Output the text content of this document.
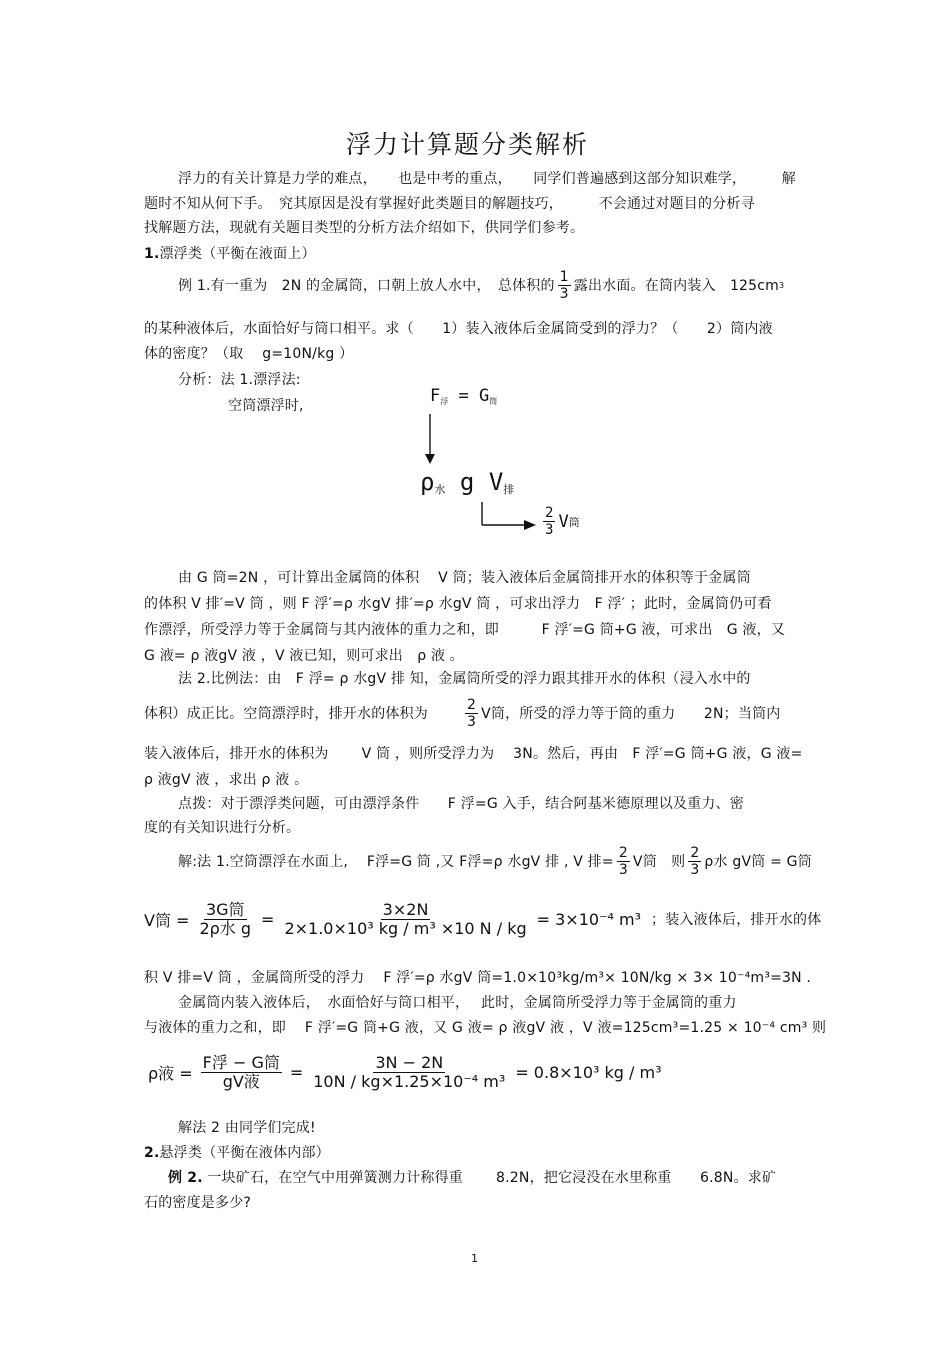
浮力计算题分类解析
浮力的有关计算是力学的难点，　　也是中考的重点，　　同学们普遍感到这部分知识难学，　　　解
题时不知从何下手。　究其原因是没有掌握好此类题目的解题技巧，　　　不会通过对题目的分析寻
找解题方法，现就有关题目类型的分析方法介绍如下，供同学们参考。
1.漂浮类（平衡在液面上）
例 1. 有一重为　2N 的金属筒，口朝上放人水中，　总体积的 $\frac{1}{3}$ 露出水面。在筒内装入　125cm 3
的某种液体后，水面恰好与筒口相平。求（　　1）装入液体后金属筒受到的浮力？（　　2）筒内液
体的密度？（取　 g=10N/kg ）
分析：法 1.漂浮法:
空筒漂浮时,	$F_浮 = G_筒$
$\rho_水$ g $V_排$
$\frac{2}{3}$ V 筒
由 G 筒=2N ，可计算出金属筒的体积　 V 筒；装入液体后金属筒排开水的体积等于金属筒
的体积 V 排′=V 筒 ，则 F 浮′=ρ 水gV 排′=ρ 水gV 筒 ，可求出浮力　F 浮′ ；此时，金属筒仍可看
作漂浮，所受浮力等于金属筒与其内液体的重力之和，即　　　F 浮′=G 筒+G 液，可求出　G 液，又
G 液= ρ 液gV 液 ，V 液已知，则可求出　ρ 液 。
法 2.比例法：由　F 浮= ρ 水gV 排 知，金属筒所受的浮力跟其排开水的体积（浸入水中的
体积）成正比。空筒漂浮时，排开水的体积为	$\frac{2}{3}$ V筒，所受的浮力等于筒的重力　　2N；当筒内
装入液体后，排开水的体积为　　 V 筒 ，则所受浮力为　 3N。然后，再由　F 浮′=G 筒+G 液，G 液=
ρ 液gV 液 ，求出 ρ 液 。
点拨：对于漂浮类问题，可由漂浮条件　　F 浮=G 入手，结合阿基米德原理以及重力、密
度的有关知识进行分析。
解:法 1.空筒漂浮在水面上,　 F浮=G 筒 ,又 F浮=ρ 水gV 排 , V 排= $\frac{2}{3}$ V筒　则 $\frac{2}{3}$ ρ水 gV筒 = G筒
V筒 = $\frac{\text{3G筒}}{\text{2ρ水 g}} = \frac{3\times 2N}{\text{2×1.0×10³ kg / m³ ×10 N / kg}} = 3\times 10^{-4}$ m³ ；装入液体后，排开水的体
积 V 排=V 筒 ，金属筒所受的浮力　 F 浮′=ρ 水gV 筒=1.0×10³kg/m³× 10N/kg × 3× 10⁻⁴m³=3N .
金属筒内装入液体后，　水面恰好与筒口相平，　 此时，金属筒所受浮力等于金属筒的重力
与液体的重力之和，即　 F 浮′=G 筒+G 液，又 G 液= ρ 液gV 液 ，V 液=125cm³=1.25 × 10⁻⁴ cm³ 则
ρ液 = $\frac{\text{F浮 − G筒}}{\text{gV液}} = \frac{3N - 2N}{\text{10N / kg×1.25×10⁻⁴ m³}} = 0.8\times 10^3$ kg / m³
解法 2 由同学们完成!
2.悬浮类（平衡在液体内部）
例 2. 一块矿石，在空气中用弹簧测力计称得重　　 8.2N，把它浸没在水里称重　　6.8N。求矿
石的密度是多少?
1
